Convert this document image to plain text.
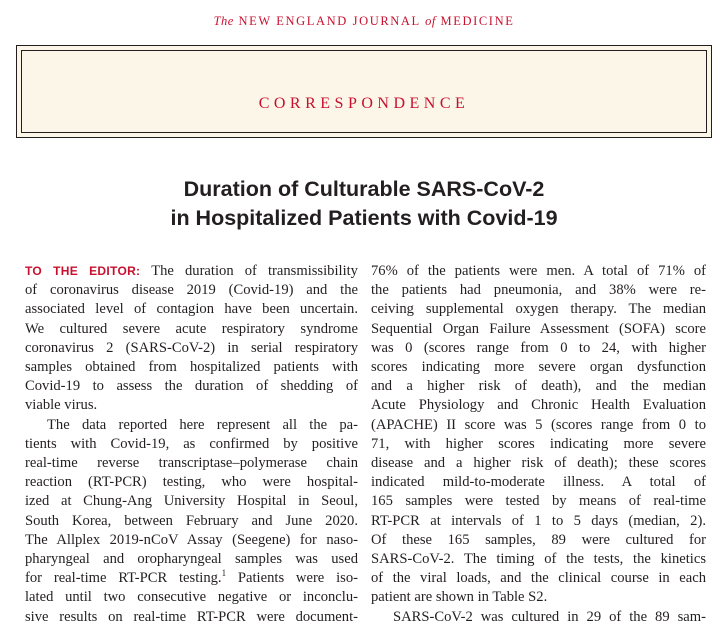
The NEW ENGLAND JOURNAL of MEDICINE
CORRESPONDENCE
Duration of Culturable SARS-CoV-2
in Hospitalized Patients with Covid-19
TO THE EDITOR: The duration of transmissibility
of coronavirus disease 2019 (Covid-19) and the
associated level of contagion have been uncertain.
We cultured severe acute respiratory syndrome
coronavirus 2 (SARS-CoV-2) in serial respiratory
samples obtained from hospitalized patients with
Covid-19 to assess the duration of shedding of
viable virus.
The data reported here represent all the pa-
tients with Covid-19, as confirmed by positive
real-time reverse transcriptase–polymerase chain
reaction (RT-PCR) testing, who were hospital-
ized at Chung-Ang University Hospital in Seoul,
South Korea, between February and June 2020.
The Allplex 2019-nCoV Assay (Seegene) for naso-
pharyngeal and oropharyngeal samples was used
for real-time RT-PCR testing.$^1$ Patients were iso-
lated until two consecutive negative or inconclu-
sive results on real-time RT-PCR were document-
76% of the patients were men. A total of 71% of
the patients had pneumonia, and 38% were re-
ceiving supplemental oxygen therapy. The median
Sequential Organ Failure Assessment (SOFA) score
was 0 (scores range from 0 to 24, with higher
scores indicating more severe organ dysfunction
and a higher risk of death), and the median
Acute Physiology and Chronic Health Evaluation
(APACHE) II score was 5 (scores range from 0 to
71, with higher scores indicating more severe
disease and a higher risk of death); these scores
indicated mild-to-moderate illness. A total of
165 samples were tested by means of real-time
RT-PCR at intervals of 1 to 5 days (median, 2).
Of these 165 samples, 89 were cultured for
SARS-CoV-2. The timing of the tests, the kinetics
of the viral loads, and the clinical course in each
patient are shown in Table S2.
SARS-CoV-2 was cultured in 29 of the 89 sam-
